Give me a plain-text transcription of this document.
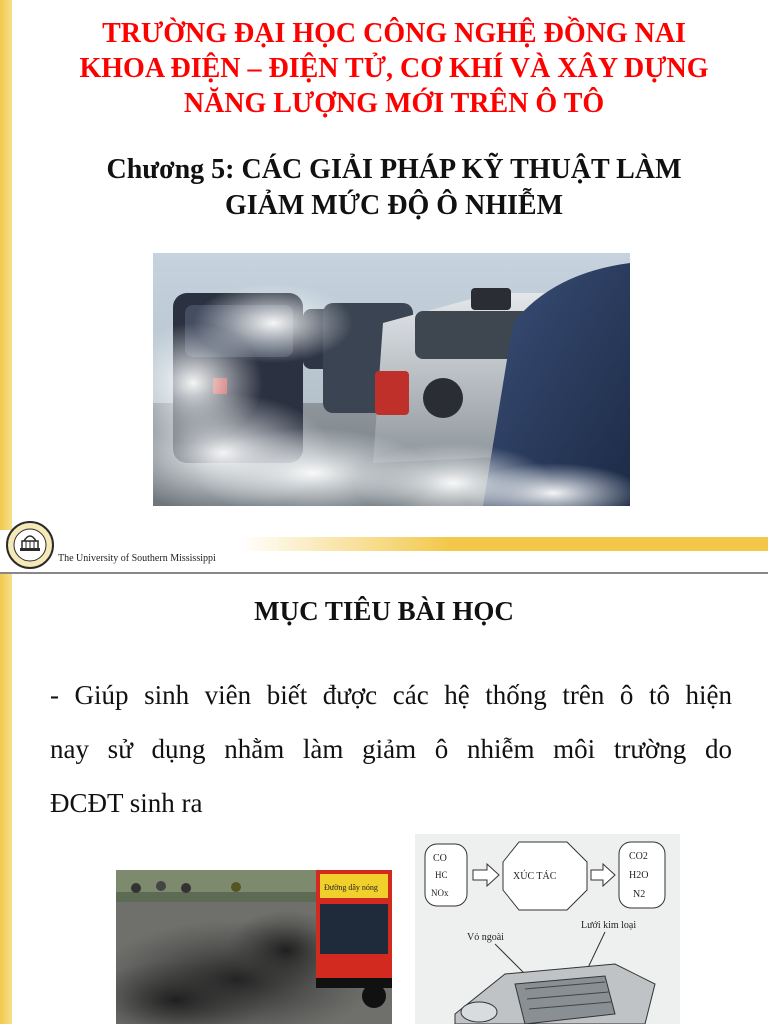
TRƯỜNG ĐẠI HỌC CÔNG NGHỆ ĐỒNG NAI
KHOA ĐIỆN – ĐIỆN TỬ, CƠ KHÍ VÀ XÂY DỰNG
NĂNG LƯỢNG MỚI TRÊN Ô TÔ
Chương 5: CÁC GIẢI PHÁP KỸ THUẬT LÀM
GIẢM MỨC ĐỘ Ô NHIỄM
The University of Southern Mississippi
MỤC TIÊU BÀI HỌC
- Giúp sinh viên biết được các hệ thống trên ô tô hiện
nay sử dụng nhằm làm giảm ô nhiễm môi trường do
ĐCĐT sinh ra
Đường dây nóng
CO
HC
NOx
XÚC TÁC
CO2
H2O
N2
Vỏ ngoài
Lưới kim loại
